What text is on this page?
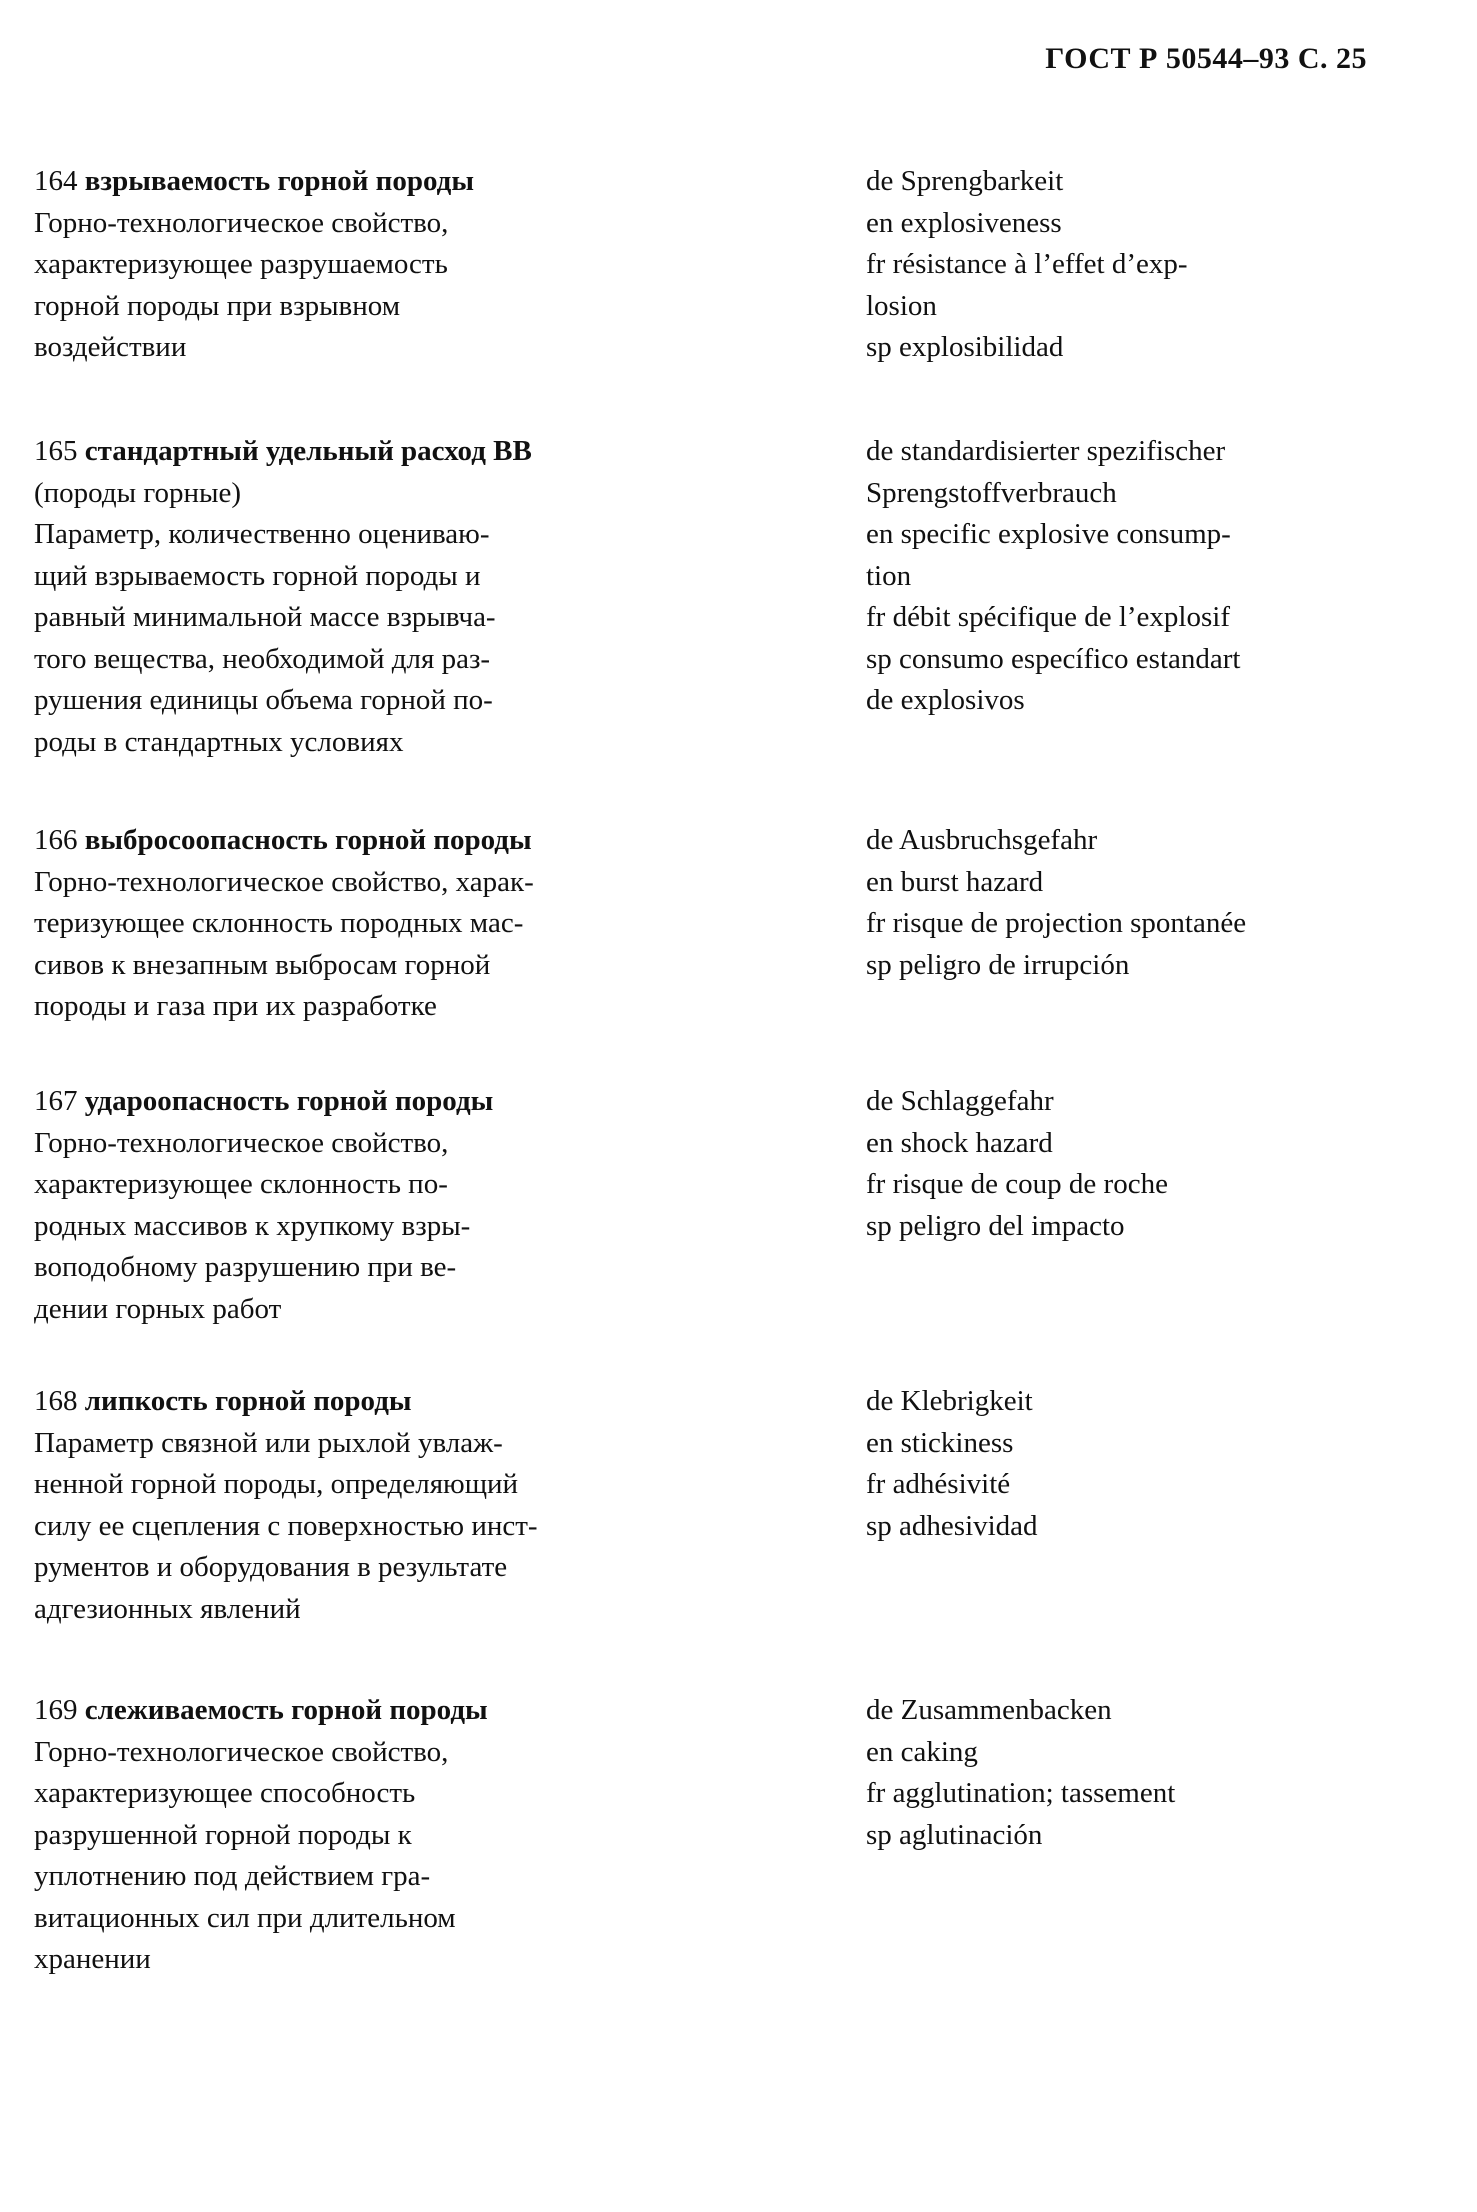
ГОСТ Р 50544–93 С. 25
164 взрываемость горной породы
Горно-технологическое свойство,
характеризующее разрушаемость
горной породы при взрывном
воздействии
de Sprengbarkeit
en explosiveness
fr résistance à l’effet d’exp-
losion
sp explosibilidad
165 стандартный удельный расход ВВ
(породы горные)
Параметр, количественно оцениваю-
щий взрываемость горной породы и
равный минимальной массе взрывча-
того вещества, необходимой для раз-
рушения единицы объема горной по-
роды в стандартных условиях
de standardisierter spezifischer
Sprengstoffverbrauch
en specific explosive consump-
tion
fr débit spécifique de l’explosif
sp consumo específico estandart
de explosivos
166 выбросоопасность горной породы
Горно-технологическое свойство, харак-
теризующее склонность породных мас-
сивов к внезапным выбросам горной
породы и газа при их разработке
de Ausbruchsgefahr
en burst hazard
fr risque de projection spontanée
sp peligro de irrupción
167 удароопасность горной породы
Горно-технологическое свойство,
характеризующее склонность по-
родных массивов к хрупкому взры-
воподобному разрушению при ве-
дении горных работ
de Schlaggefahr
en shock hazard
fr risque de coup de roche
sp peligro del impacto
168 липкость горной породы
Параметр связной или рыхлой увлаж-
ненной горной породы, определяющий
силу ее сцепления с поверхностью инст-
рументов и оборудования в результате
адгезионных явлений
de Klebrigkeit
en stickiness
fr adhésivité
sp adhesividad
169 слеживаемость горной породы
Горно-технологическое свойство,
характеризующее способность
разрушенной горной породы к
уплотнению под действием гра-
витационных сил при длительном
хранении
de Zusammenbacken
en caking
fr agglutination; tassement
sp aglutinación
